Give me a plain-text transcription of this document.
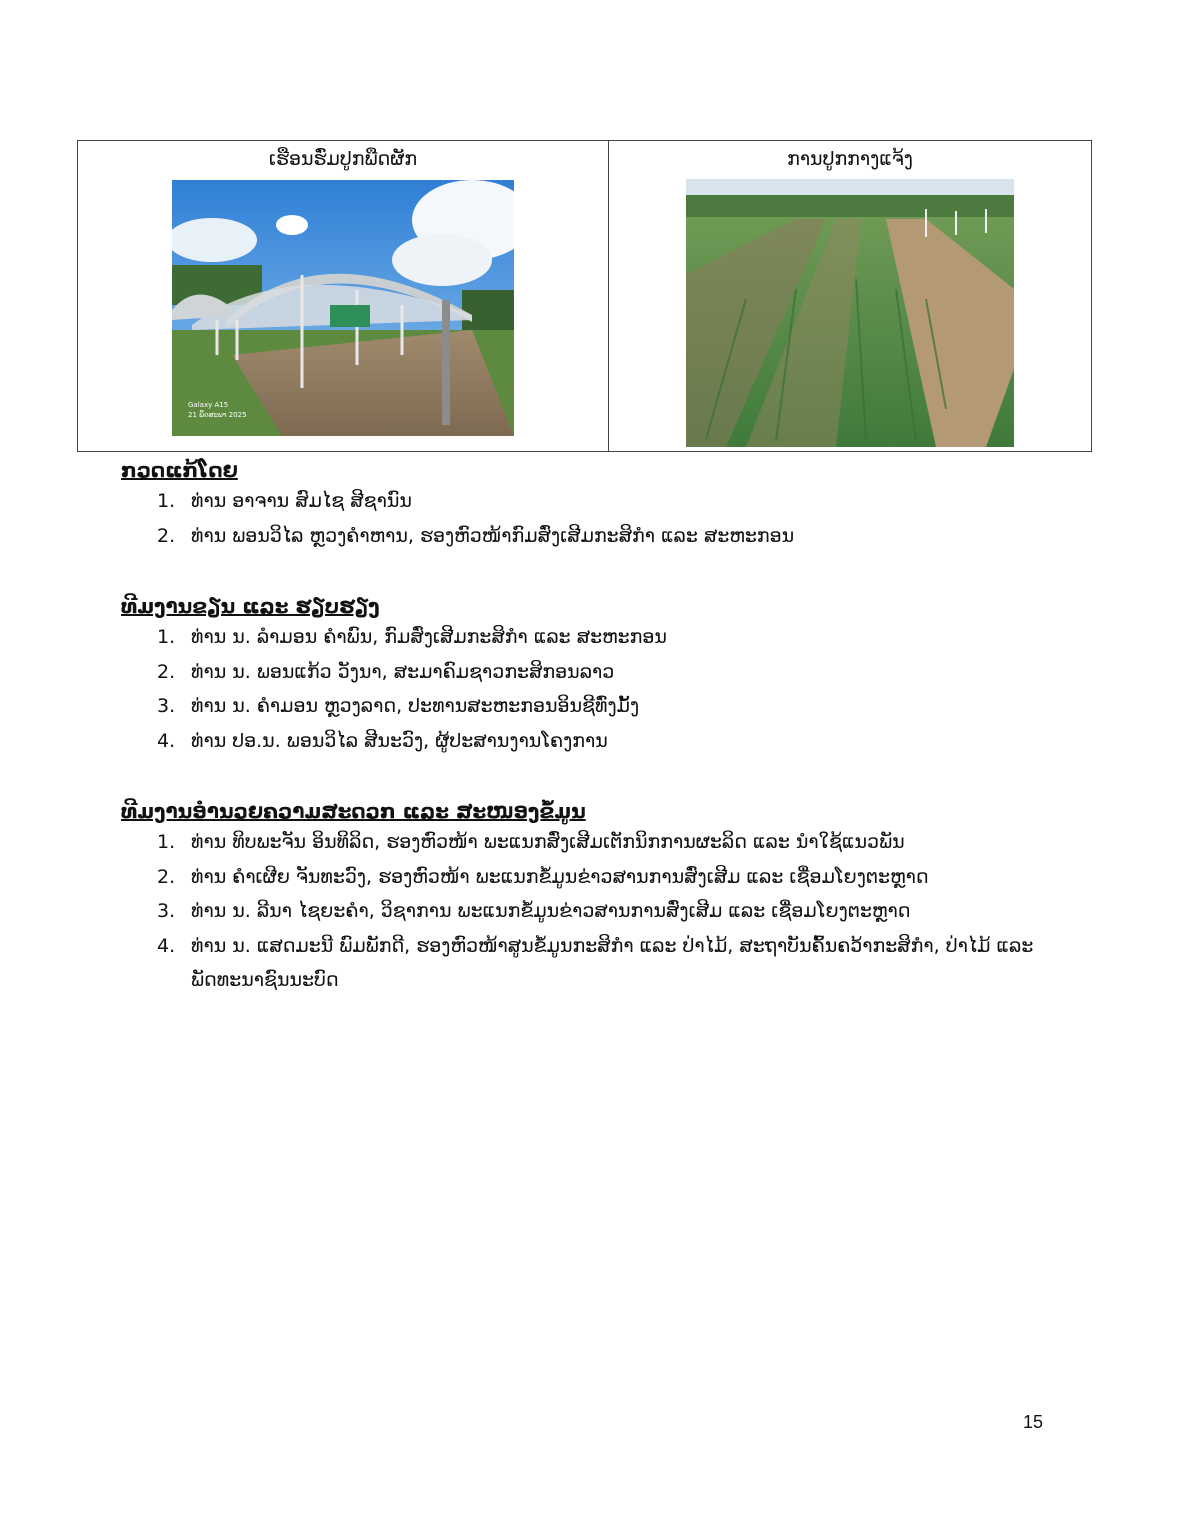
ເຮືອນຮົ່ມປູກພືດຜັກ
Galaxy A15
21 ພຶດສະພາ 2025
ການປູກກາງແຈ້ງ
ກວດແກ້ໂດຍ
1. ທ່ານ ອາຈານ ສົມໄຊ ສີຊານົນ
2. ທ່ານ ພອນວິໄລ ຫຼວງຄໍາຫານ, ຮອງຫົວໜ້າກົມສົ່ງເສີມກະສິກໍາ ແລະ ສະຫະກອນ
ທີມງານຂຽນ ແລະ ຮຽບຮຽງ
1. ທ່ານ ນ. ລໍາມອນ ຄໍາພົນ, ກົມສົ່ງເສີມກະສິກໍາ ແລະ ສະຫະກອນ
2. ທ່ານ ນ. ພອນແກ້ວ ວັງນາ, ສະມາຄົມຊາວກະສິກອນລາວ
3. ທ່ານ ນ. ຄໍາມອນ ຫຼວງລາດ, ປະທານສະຫະກອນອິນຊີທົ່ງມັ້ງ
4. ທ່ານ ປອ.ນ. ພອນວິໄລ ສີນະວົງ, ຜູ້ປະສານງານໂຄງການ
ທີມງານອໍານວຍຄວາມສະດວກ ແລະ ສະໜອງຂໍ້ມູນ
1. ທ່ານ ທິບພະຈັນ ອິນທິລິດ, ຮອງຫົວໜ້າ ພະແນກສົ່ງເສີມເຕັກນິກການຜະລິດ ແລະ ນໍາໃຊ້ແນວພັນ
2. ທ່ານ ຄໍາເຜີຍ ຈັນທະວົງ, ຮອງຫົວໜ້າ ພະແນກຂໍ້ມູນຂ່າວສານການສົ່ງເສີມ ແລະ ເຊື່ອມໂຍງຕະຫຼາດ
3. ທ່ານ ນ. ລີນາ ໄຊຍະຄໍາ, ວິຊາການ ພະແນກຂໍ້ມູນຂ່າວສານການສົ່ງເສີມ ແລະ ເຊື່ອມໂຍງຕະຫຼາດ
4. ທ່ານ ນ. ແສດມະນີ ພົມພັກດີ, ຮອງຫົວໜ້າສູນຂໍ້ມູນກະສິກໍາ ແລະ ປ່າໄມ້, ສະຖາບັນຄົ້ນຄວ້າກະສິກໍາ, ປ່າໄມ້ ແລະ ພັດທະນາຊົນນະບົດ
15
